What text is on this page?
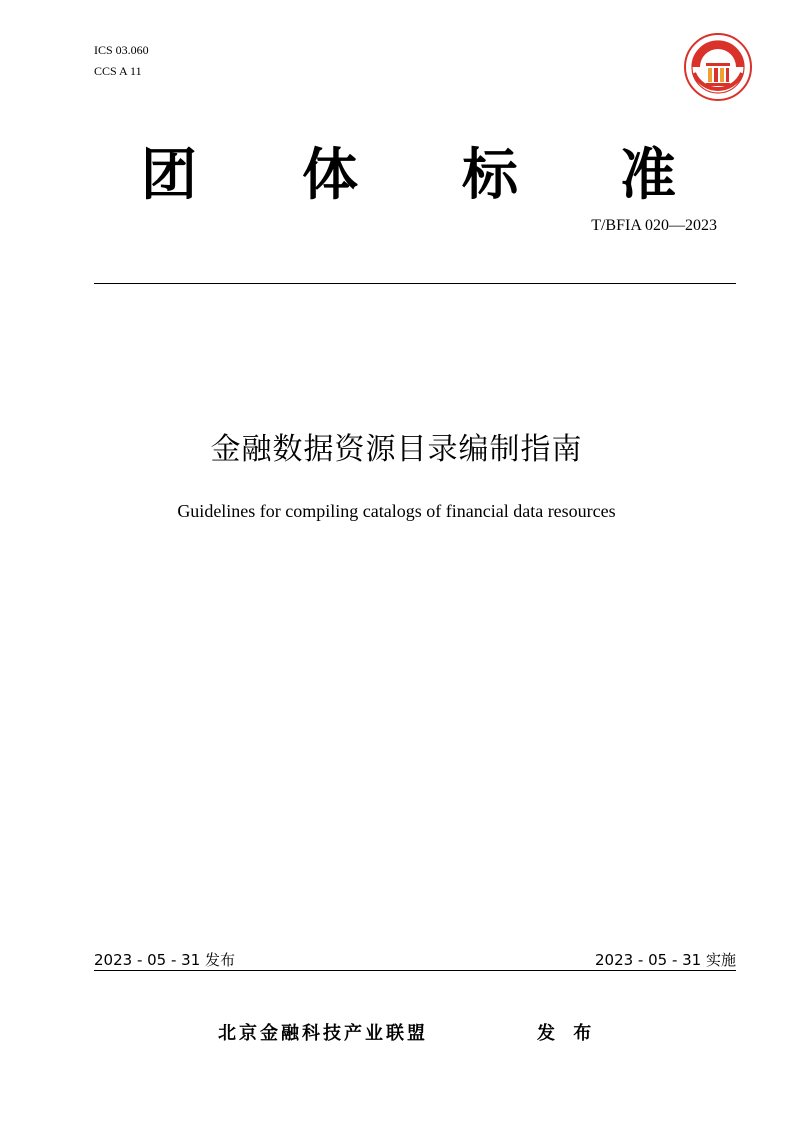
ICS 03.060
CCS A 11
团 体 标 准
T/BFIA 020—2023
金融数据资源目录编制指南
Guidelines for compiling catalogs of financial data resources
2023 - 05 - 31 发布	2023 - 05 - 31 实施
北京金融科技产业联盟	发 布
